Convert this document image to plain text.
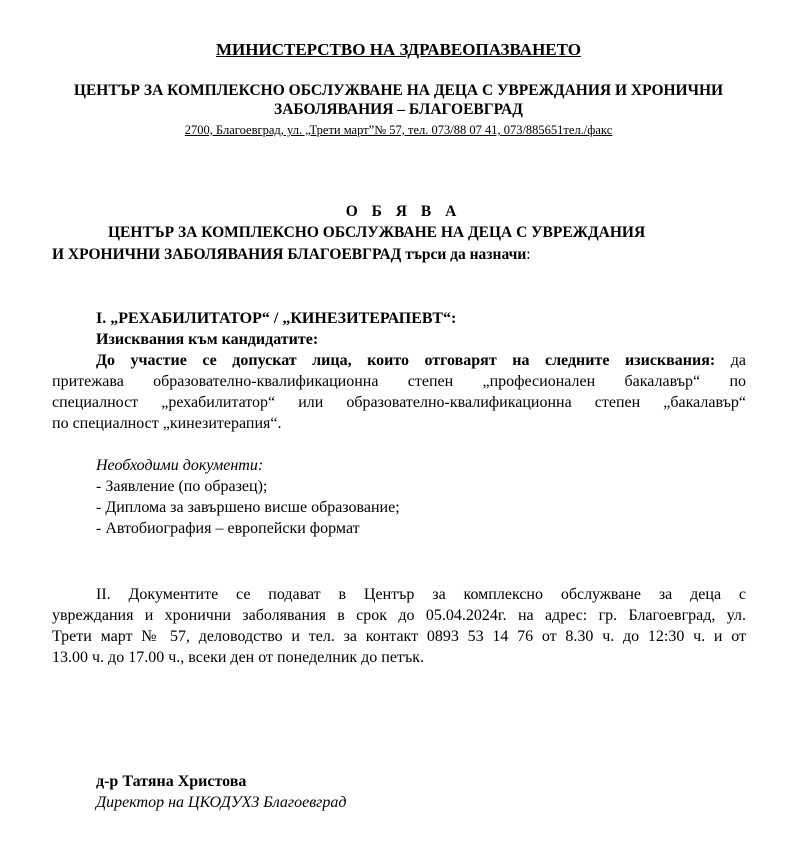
МИНИСТЕРСТВО НА ЗДРАВЕОПАЗВАНЕТО
ЦЕНТЪР ЗА КОМПЛЕКСНО ОБСЛУЖВАНЕ НА ДЕЦА С УВРЕЖДАНИЯ И ХРОНИЧНИ
ЗАБОЛЯВАНИЯ – БЛАГОЕВГРАД
2700, Благоевград, ул. „Трети март”№ 57, тел. 073/88 07 41, 073/885651тел./факс
О Б Я В А
ЦЕНТЪР ЗА КОМПЛЕКСНО ОБСЛУЖВАНЕ НА ДЕЦА С УВРЕЖДАНИЯ
И ХРОНИЧНИ ЗАБОЛЯВАНИЯ БЛАГОЕВГРАД търси да назначи:
I. „РЕХАБИЛИТАТОР“ / „КИНЕЗИТЕРАПЕВТ“:
Изисквания към кандидатите:
До участие се допускат лица, които отговарят на следните изисквания: да
притежава образователно-квалификационна степен „професионален бакалавър“ по
специалност „рехабилитатор“ или образователно-квалификационна степен „бакалавър“
по специалност „кинезитерапия“.
Необходими документи:
- Заявление (по образец);
- Диплома за завършено висше образование;
- Автобиография – европейски формат
II. Документите се подават в Център за комплексно обслужване за деца с
увреждания и хронични заболявания в срок до 05.04.2024г. на адрес: гр. Благоевград, ул.
Трети март № 57, деловодство и тел. за контакт 0893 53 14 76 от 8.30 ч. до 12:30 ч. и от
13.00 ч. до 17.00 ч., всеки ден от понеделник до петък.
д-р Татяна Христова
Директор на ЦКОДУХЗ Благоевград
